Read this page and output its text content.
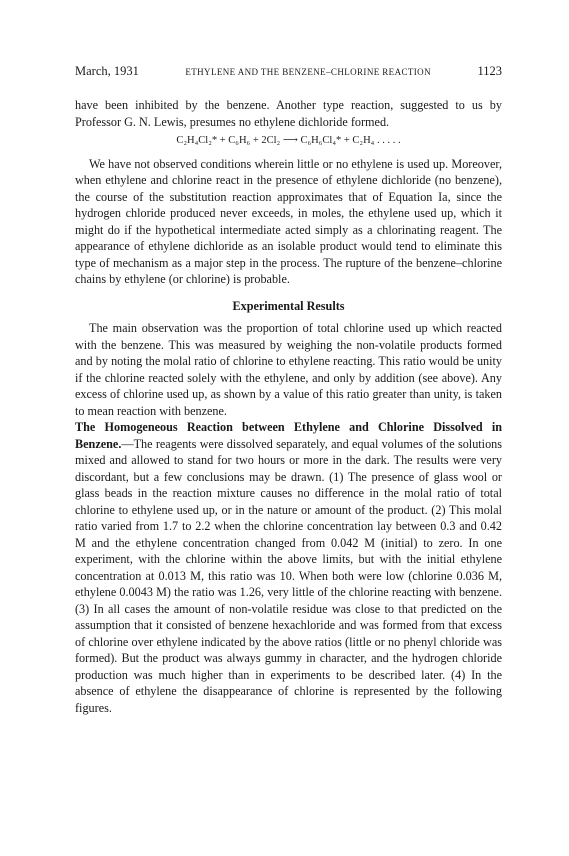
March, 1931	ETHYLENE AND THE BENZENE–CHLORINE REACTION	1123

have been inhibited by the benzene. Another type reaction, suggested to us by Professor G. N. Lewis, presumes no ethylene dichloride formed.

C₂H₄Cl₂* + C₆H₆ + 2Cl₂ ⟶ C₆H₆Cl₄* + C₂H₄ . . . . .

We have not observed conditions wherein little or no ethylene is used up. Moreover, when ethylene and chlorine react in the presence of ethylene dichloride (no benzene), the course of the substitution reaction approximates that of Equation Ia, since the hydrogen chloride produced never exceeds, in moles, the ethylene used up, which it might do if the hypothetical intermediate acted simply as a chlorinating reagent. The appearance of ethylene dichloride as an isolable product would tend to eliminate this type of mechanism as a major step in the process. The rupture of the benzene–chlorine chains by ethylene (or chlorine) is probable.

Experimental Results

The main observation was the proportion of total chlorine used up which reacted with the benzene. This was measured by weighing the non-volatile products formed and by noting the molal ratio of chlorine to ethylene reacting. This ratio would be unity if the chlorine reacted solely with the ethylene, and only by addition (see above). Any excess of chlorine used up, as shown by a value of this ratio greater than unity, is taken to mean reaction with benzene.

The Homogeneous Reaction between Ethylene and Chlorine Dissolved in Benzene.—The reagents were dissolved separately, and equal volumes of the solutions mixed and allowed to stand for two hours or more in the dark. The results were very discordant, but a few conclusions may be drawn. (1) The presence of glass wool or glass beads in the reaction mixture causes no difference in the molal ratio of total chlorine to ethylene used up, or in the nature or amount of the product. (2) This molal ratio varied from 1.7 to 2.2 when the chlorine concentration lay between 0.3 and 0.42 M and the ethylene concentration changed from 0.042 M (initial) to zero. In one experiment, with the chlorine within the above limits, but with the initial ethylene concentration at 0.013 M, this ratio was 10. When both were low (chlorine 0.036 M, ethylene 0.0043 M) the ratio was 1.26, very little of the chlorine reacting with benzene. (3) In all cases the amount of non-volatile residue was close to that predicted on the assumption that it consisted of benzene hexachloride and was formed from that excess of chlorine over ethylene indicated by the above ratios (little or no phenyl chloride was formed). But the product was always gummy in character, and the hydrogen chloride production was much higher than in experiments to be described later. (4) In the absence of ethylene the disappearance of chlorine is represented by the following figures.
